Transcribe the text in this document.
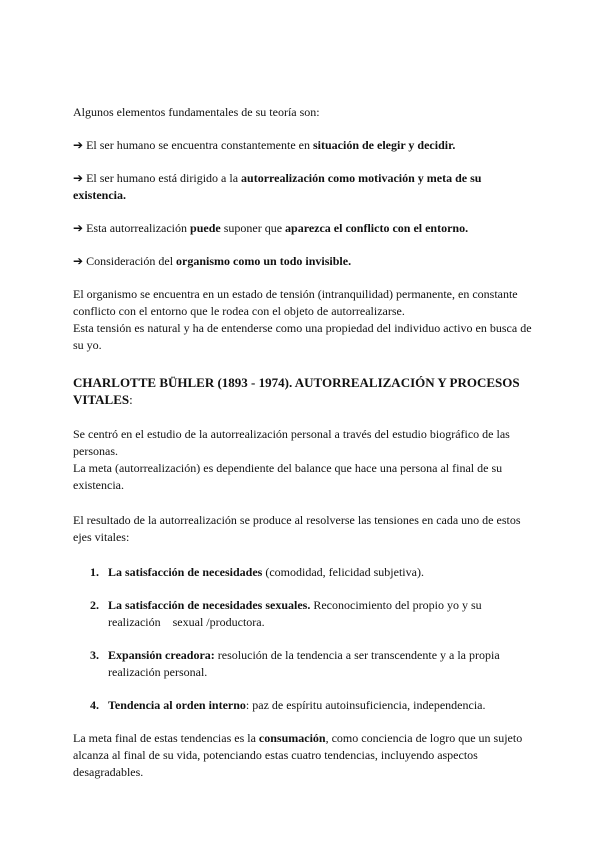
Algunos elementos fundamentales de su teoría son:

➔ El ser humano se encuentra constantemente en situación de elegir y decidir.

➔ El ser humano está dirigido a la autorrealización como motivación y meta de su existencia.

➔ Esta autorrealización puede suponer que aparezca el conflicto con el entorno.

➔ Consideración del organismo como un todo invisible.

El organismo se encuentra en un estado de tensión (intranquilidad) permanente, en constante conflicto con el entorno que le rodea con el objeto de autorrealizarse.
Esta tensión es natural y ha de entenderse como una propiedad del individuo activo en busca de su yo.

CHARLOTTE BÜHLER (1893 - 1974). AUTORREALIZACIÓN Y PROCESOS VITALES:

Se centró en el estudio de la autorrealización personal a través del estudio biográfico de las personas.
La meta (autorrealización) es dependiente del balance que hace una persona al final de su existencia.

El resultado de la autorrealización se produce al resolverse las tensiones en cada uno de estos ejes vitales:

1. La satisfacción de necesidades (comodidad, felicidad subjetiva).
2. La satisfacción de necesidades sexuales. Reconocimiento del propio yo y su realización    sexual /productora.
3. Expansión creadora: resolución de la tendencia a ser transcendente y a la propia realización personal.
4. Tendencia al orden interno: paz de espíritu autoinsuficiencia, independencia.

La meta final de estas tendencias es la consumación, como conciencia de logro que un sujeto alcanza al final de su vida, potenciando estas cuatro tendencias, incluyendo aspectos desagradables.
